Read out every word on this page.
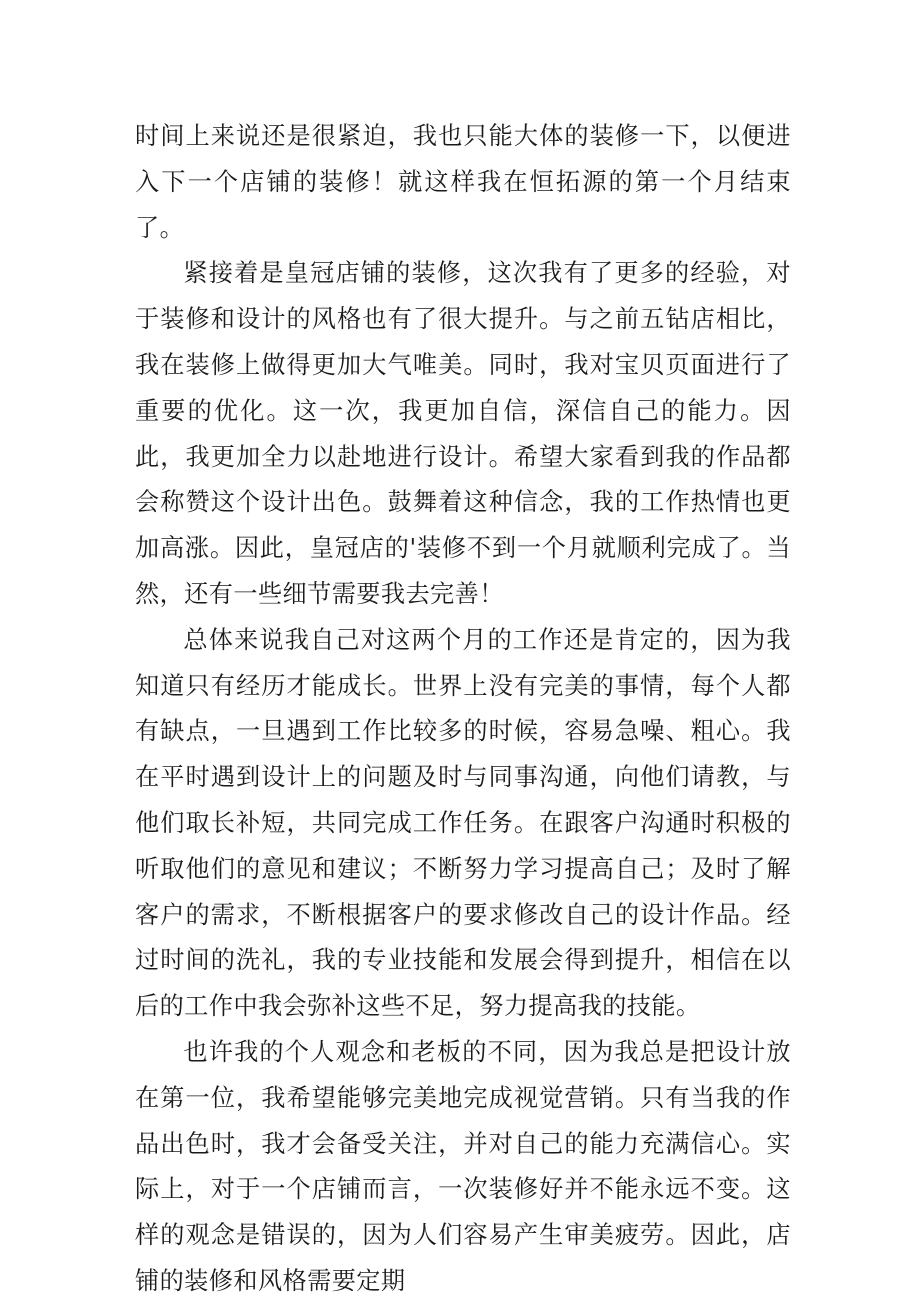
时间上来说还是很紧迫，我也只能大体的装修一下，以便进入下一个店铺的装修！就这样我在恒拓源的第一个月结束了。

紧接着是皇冠店铺的装修，这次我有了更多的经验，对于装修和设计的风格也有了很大提升。与之前五钻店相比，我在装修上做得更加大气唯美。同时，我对宝贝页面进行了重要的优化。这一次，我更加自信，深信自己的能力。因此，我更加全力以赴地进行设计。希望大家看到我的作品都会称赞这个设计出色。鼓舞着这种信念，我的工作热情也更加高涨。因此，皇冠店的'装修不到一个月就顺利完成了。当然，还有一些细节需要我去完善！

总体来说我自己对这两个月的工作还是肯定的，因为我知道只有经历才能成长。世界上没有完美的事情，每个人都有缺点，一旦遇到工作比较多的时候，容易急噪、粗心。我在平时遇到设计上的问题及时与同事沟通，向他们请教，与他们取长补短，共同完成工作任务。在跟客户沟通时积极的听取他们的意见和建议；不断努力学习提高自己；及时了解客户的需求，不断根据客户的要求修改自己的设计作品。经过时间的洗礼，我的专业技能和发展会得到提升，相信在以后的工作中我会弥补这些不足，努力提高我的技能。

也许我的个人观念和老板的不同，因为我总是把设计放在第一位，我希望能够完美地完成视觉营销。只有当我的作品出色时，我才会备受关注，并对自己的能力充满信心。实际上，对于一个店铺而言，一次装修好并不能永远不变。这样的观念是错误的，因为人们容易产生审美疲劳。因此，店铺的装修和风格需要定期
